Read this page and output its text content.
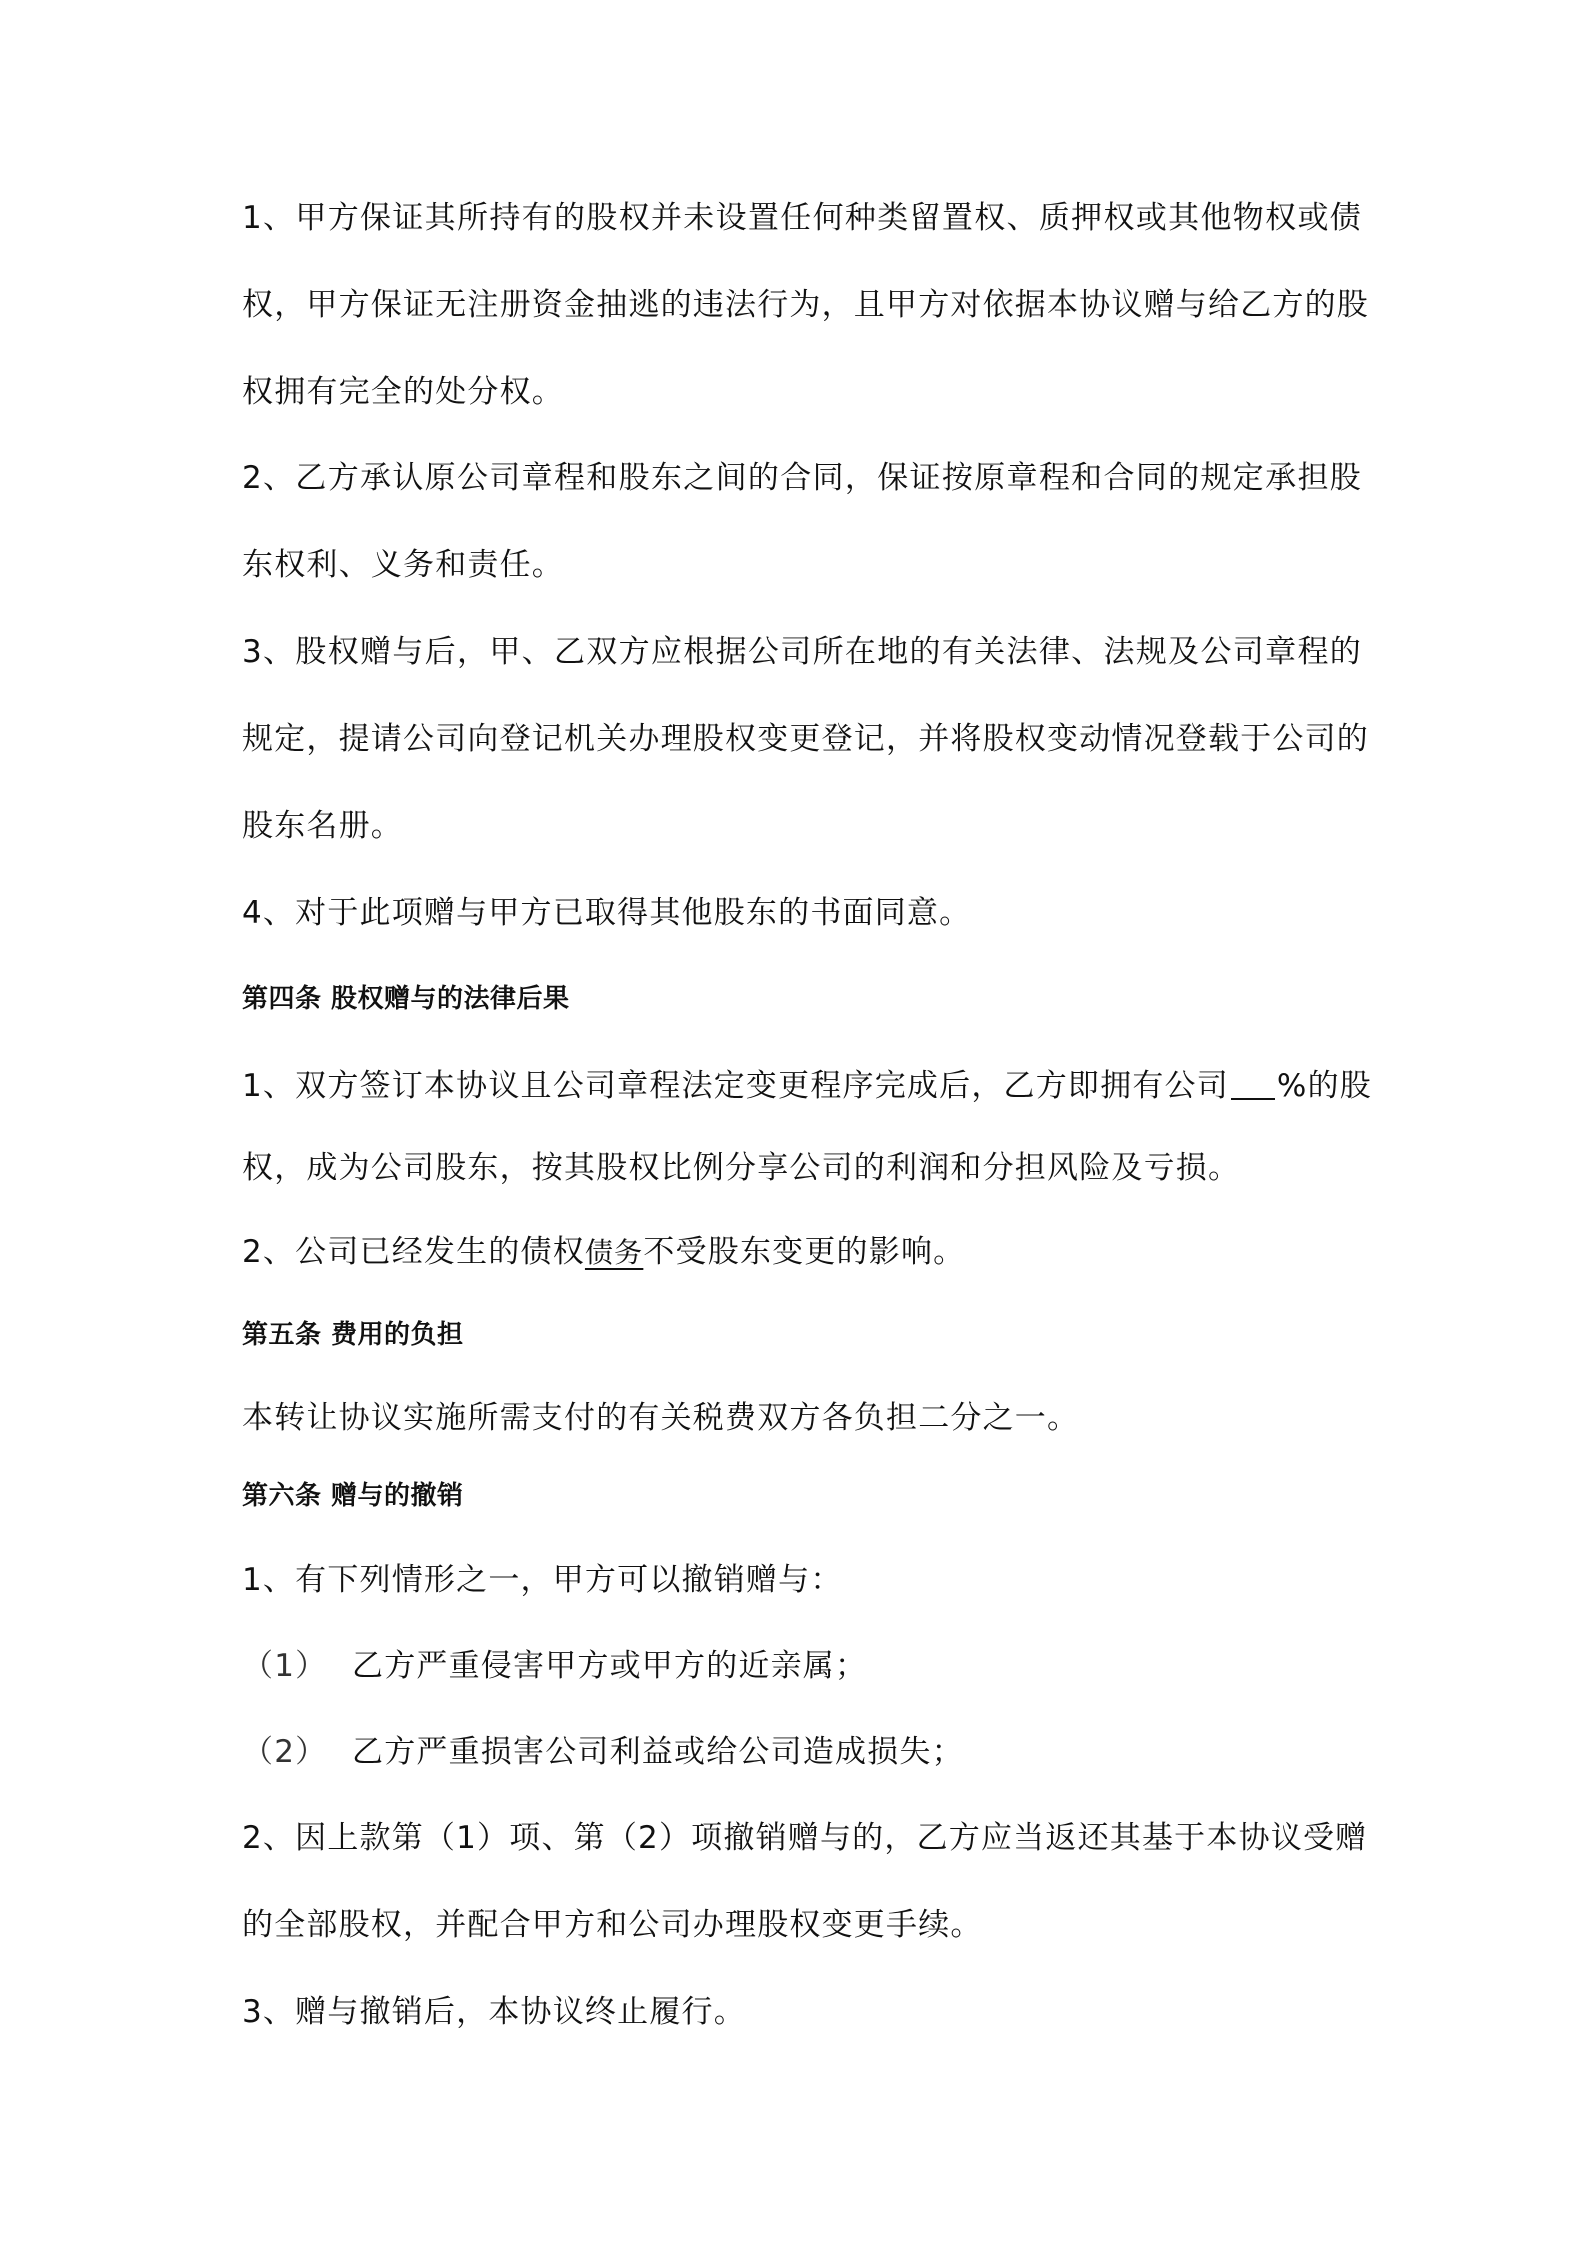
1、甲方保证其所持有的股权并未设置任何种类留置权、质押权或其他物权或债
权，甲方保证无注册资金抽逃的违法行为，且甲方对依据本协议赠与给乙方的股
权拥有完全的处分权。
2、乙方承认原公司章程和股东之间的合同，保证按原章程和合同的规定承担股
东权利、义务和责任。
3、股权赠与后，甲、乙双方应根据公司所在地的有关法律、法规及公司章程的
规定，提请公司向登记机关办理股权变更登记，并将股权变动情况登载于公司的
股东名册。
4、对于此项赠与甲方已取得其他股东的书面同意。
第四条 股权赠与的法律后果
1、双方签订本协议且公司章程法定变更程序完成后，乙方即拥有公司 %的股
权，成为公司股东，按其股权比例分享公司的利润和分担风险及亏损。
2、公司已经发生的债权债务不受股东变更的影响。
第五条 费用的负担
本转让协议实施所需支付的有关税费双方各负担二分之一。
第六条 赠与的撤销
1、有下列情形之一，甲方可以撤销赠与：
（1） 乙方严重侵害甲方或甲方的近亲属；
（2） 乙方严重损害公司利益或给公司造成损失；
2、因上款第（1）项、第（2）项撤销赠与的，乙方应当返还其基于本协议受赠
的全部股权，并配合甲方和公司办理股权变更手续。
3、赠与撤销后，本协议终止履行。
